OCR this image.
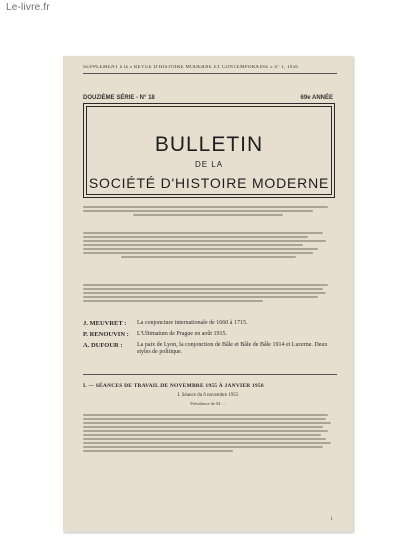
Le-livre.fr
SUPPLÉMENT à la « REVUE D'HISTOIRE MODERNE ET CONTEMPORAINE » n° 1, 1956
DOUZIÈME SÉRIE - N° 18	69e ANNÉE
BULLETIN
DE LA
SOCIÉTÉ D'HISTOIRE MODERNE
J. MEUVRET :	La conjoncture internationale de 1660 à 1715.
P. RENOUVIN :	L'Ultimatum de Prague en août 1915.
A. DUFOUR :	La paix de Lyon, la conjonction de Bâle et Bâle de Bâle 1914 et Lucerne. Deux styles de politique.
I. — SÉANCES DE TRAVAIL DE NOVEMBRE 1955 À JANVIER 1956
I. Séance du 6 novembre 1955
Présidence de M. ...
1
